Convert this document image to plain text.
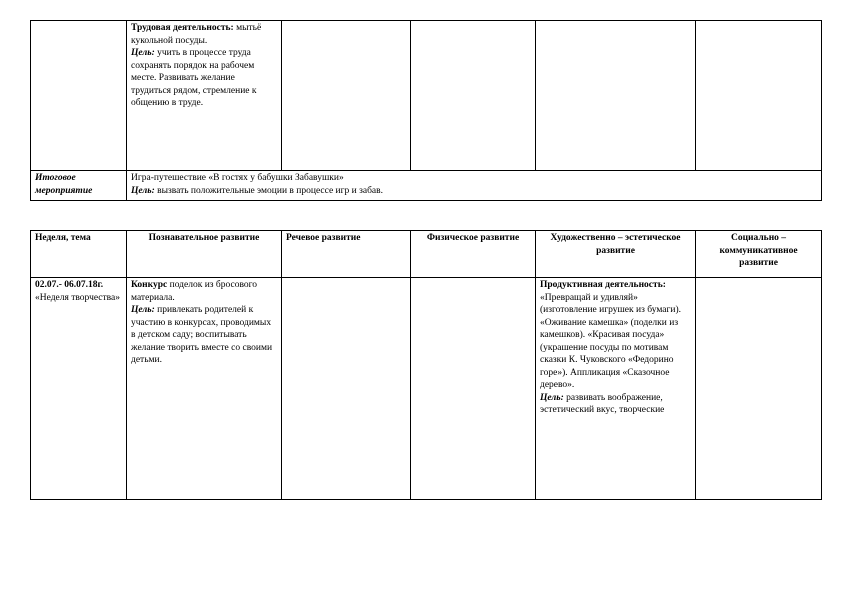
	Трудовая деятельность: мытьё кукольной посуды.
Цель: учить в процессе труда сохранять порядок на рабочем месте. Развивать желание трудиться рядом, стремление к общению в труде.				

Итоговое мероприятие	Игра-путешествие «В гостях у бабушки Забавушки»
Цель: вызвать положительные эмоции в процессе игр и забав.				
Неделя, тема	Познавательное развитие	Речевое развитие	Физическое развитие	Художественно – эстетическое развитие	Социально – коммуникативное развитие

02.07.- 06.07.18г.
«Неделя творчества»	Конкурс поделок из бросового материала.
Цель: привлекать родителей к участию в конкурсах, проводимых в детском саду; воспитывать желание творить вместе со своими детьми.			Продуктивная деятельность: «Превращай и удивляй» (изготовление игрушек из бумаги). «Оживание камешка» (поделки из камешков). «Красивая посуда» (украшение посуды по мотивам сказки К. Чуковского «Федорино горе»). Аппликация «Сказочное дерево».
Цель: развивать воображение, эстетический вкус, творческие	
